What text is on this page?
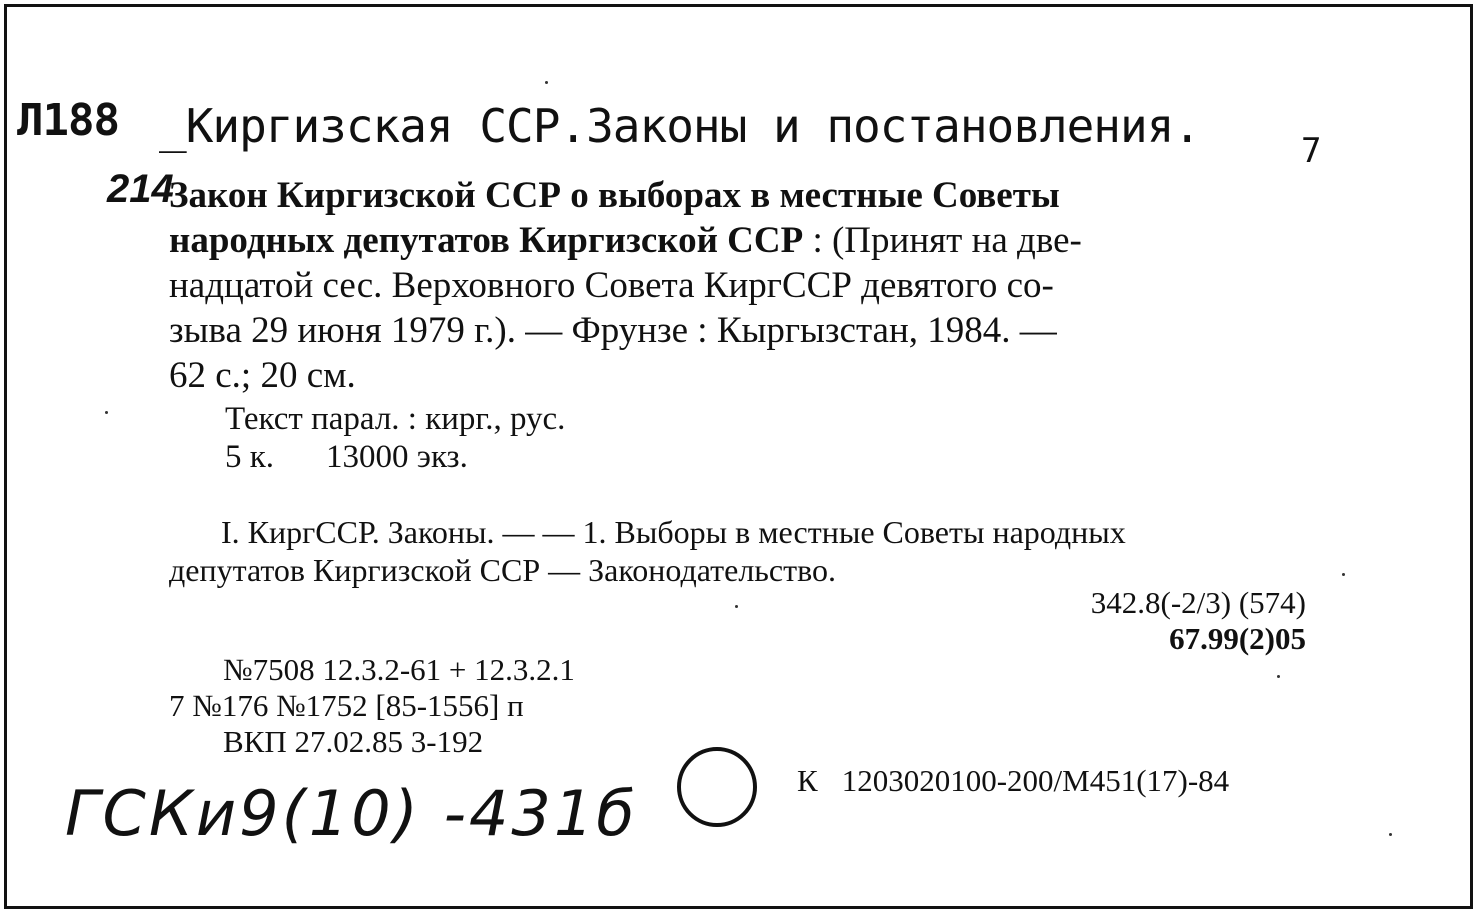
Л188 _Киргизская ССР.Законы и постановления.	7
214
Закон Киргизской ССР о выборах в местные Советы
народных депутатов Киргизской ССР : (Принят на две-
надцатой сес. Верховного Совета КиргССР девятого со-
зыва 29 июня 1979 г.). — Фрунзе : Кыргызстан, 1984. —
62 с.; 20 см.
Текст парал. : кирг., рус.
5 к. 13000 экз.
I. КиргССР. Законы. — — 1. Выборы в местные Советы народных
депутатов Киргизской ССР — Законодательство.
342.8(-2/3) (574)
67.99(2)05
№7508 12.3.2-61 + 12.3.2.1
7 №176 №1752 [85-1556] п
ВКП 27.02.85 3-192
К 1203020100-200/М451(17)-84
ГСКи9(10) -431б
